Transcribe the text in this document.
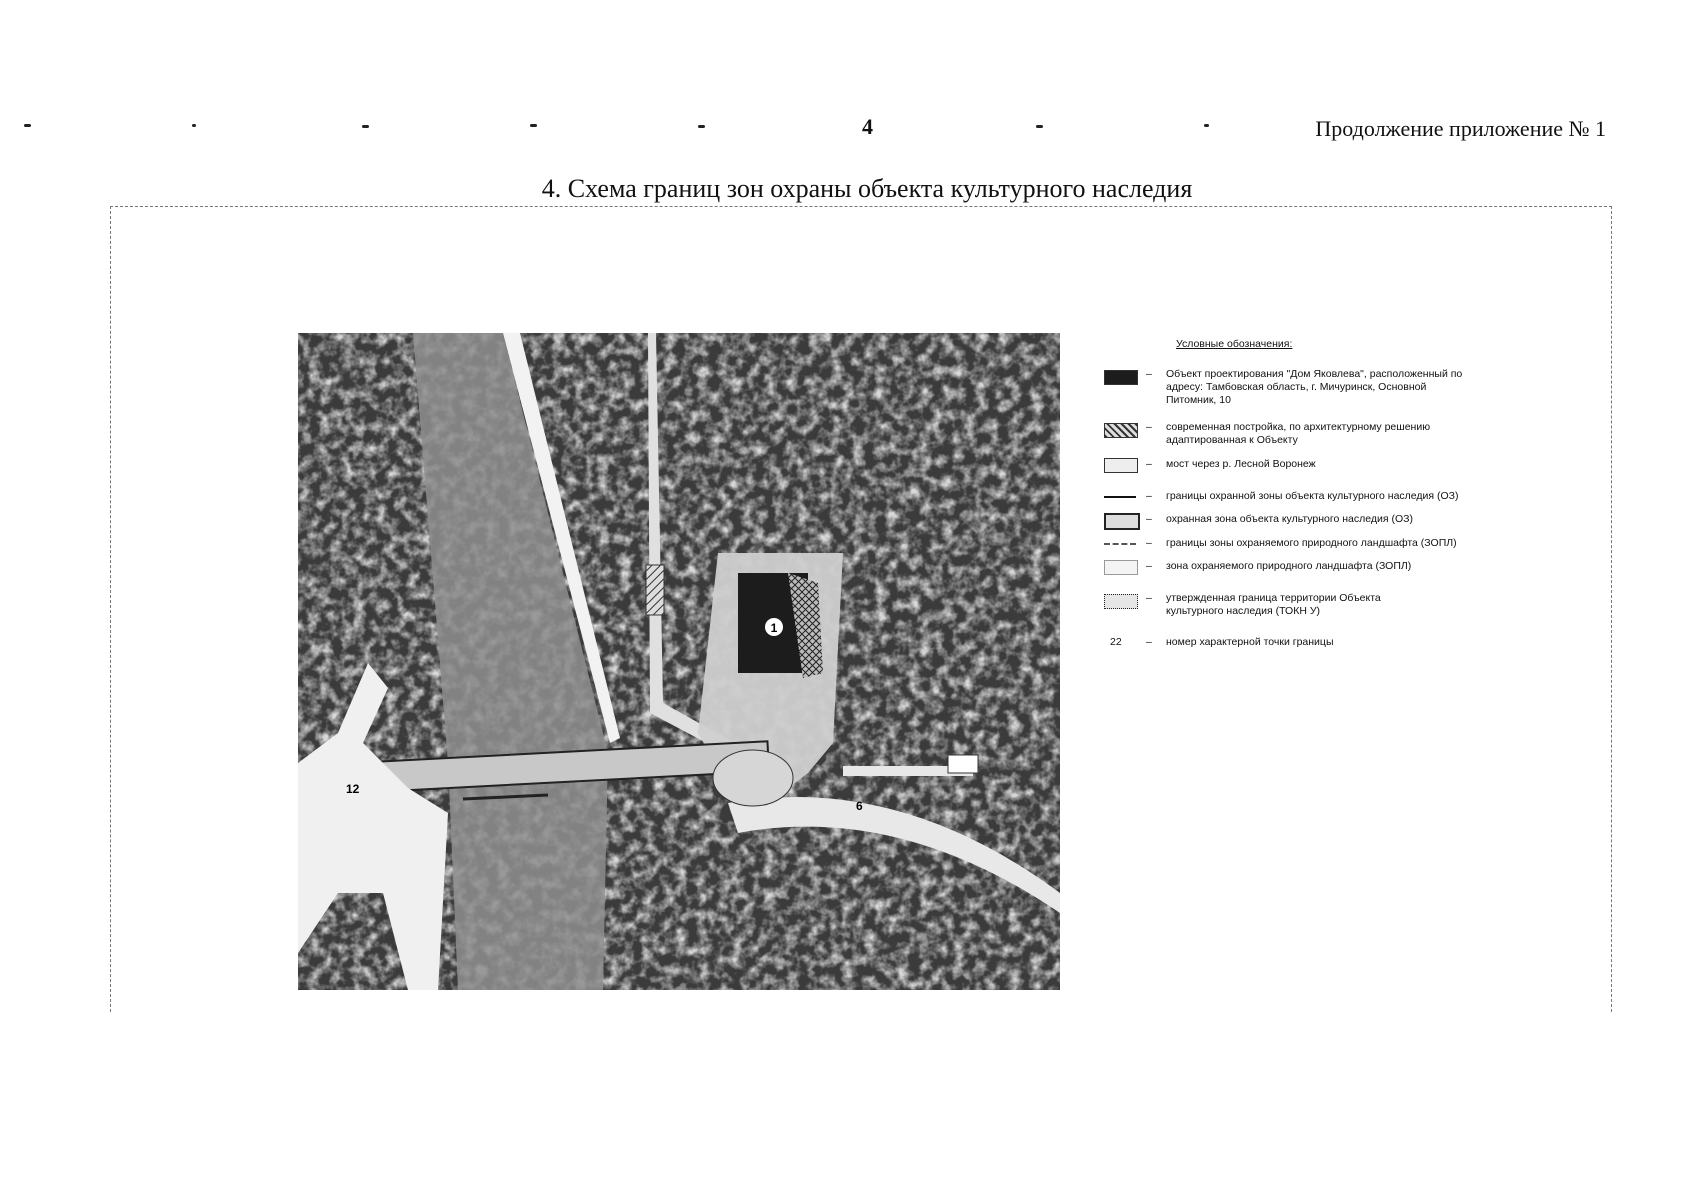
4	Продолжение приложение № 1
4. Схема границ зон охраны объекта культурного наследия
1
12
6
Условные обозначения:
– Объект проектирования "Дом Яковлева", расположенный по адресу: Тамбовская область, г. Мичуринск, Основной Питомник, 10
– современная постройка, по архитектурному решению адаптированная к Объекту
– мост через р. Лесной Воронеж
– границы охранной зоны объекта культурного наследия (ОЗ)
– охранная зона объекта культурного наследия (ОЗ)
– границы зоны охраняемого природного ландшафта (ЗОПЛ)
– зона охраняемого природного ландшафта (ЗОПЛ)
– утвержденная граница территории Объекта культурного наследия (ТОКН У)
22 – номер характерной точки границы
